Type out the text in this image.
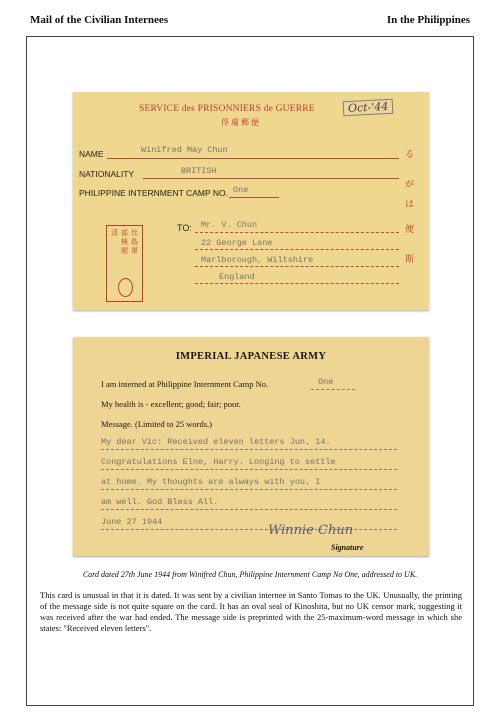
Mail of the Civilian Internees	In the Philippines
SERVICE des PRISONNIERS de GUERRE
俘虜郵便
Oct-'44
NAME	Winifred May Chun
NATIONALITY	BRITISH
PHILIPPINE INTERNMENT CAMP NO. One
比島軍
部検閲
済	TO: Mr. V. Chun
22 George Lane
Marlborough, Wiltshire
England
る
が
は
便
斯
IMPERIAL JAPANESE ARMY
I am interned at Philippine Internment Camp No.	One
My health is - excellent; good; fair; poor.
Message. (Limited to 25 words.)
My dear Vic: Received eleven letters Jun. 14.
Congratulations Elne, Harry. Longing to settle
at home. My thoughts are always with you. I
am well. God Bless All.
June 27 1944
Winnie Chun
Signature
Card dated 27th June 1944 from Winifred Chun, Philippine Internment Camp No One, addressed to UK.
This card is unusual in that it is dated. It was sent by a civilian internee in Santo Tomas to the UK. Unusually, the printing of the message side is not quite square on the card. It has an oval seal of Kinoshita, but no UK censor mark, suggesting it was received after the war had ended. The message side is preprinted with the 25-maximum-word message in which she states: "Received eleven letters".
